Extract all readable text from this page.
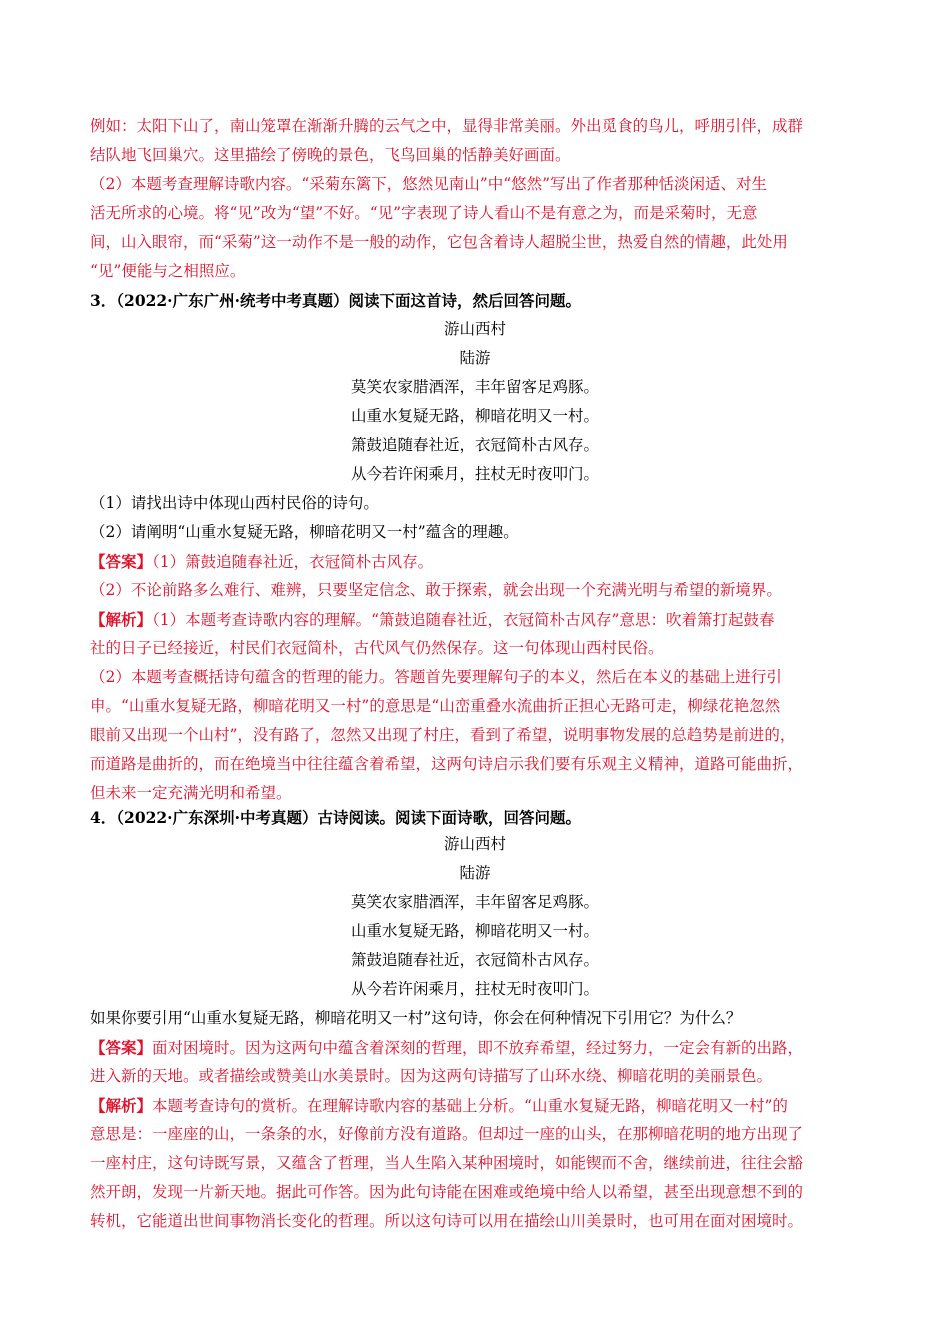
例如：太阳下山了，南山笼罩在渐渐升腾的云气之中，显得非常美丽。外出觅食的鸟儿，呼朋引伴，成群
结队地飞回巢穴。这里描绘了傍晚的景色，飞鸟回巢的恬静美好画面。
（2）本题考查理解诗歌内容。“采菊东篱下，悠然见南山”中“悠然”写出了作者那种恬淡闲适、对生
活无所求的心境。将“见”改为“望”不好。“见”字表现了诗人看山不是有意之为，而是采菊时，无意
间，山入眼帘，而“采菊”这一动作不是一般的动作，它包含着诗人超脱尘世，热爱自然的情趣，此处用
“见”便能与之相照应。
3．（2022·广东广州·统考中考真题）阅读下面这首诗，然后回答问题。
游山西村
陆游
莫笑农家腊酒浑，丰年留客足鸡豚。
山重水复疑无路，柳暗花明又一村。
箫鼓追随春社近，衣冠简朴古风存。
从今若许闲乘月，拄杖无时夜叩门。
（1）请找出诗中体现山西村民俗的诗句。
（2）请阐明“山重水复疑无路，柳暗花明又一村”蕴含的理趣。
【答案】（1）箫鼓追随春社近，衣冠简朴古风存。
（2）不论前路多么难行、难辨，只要坚定信念、敢于探索，就会出现一个充满光明与希望的新境界。
【解析】（1）本题考查诗歌内容的理解。“箫鼓追随春社近，衣冠简朴古风存”意思：吹着箫打起鼓春
社的日子已经接近，村民们衣冠简朴，古代风气仍然保存。这一句体现山西村民俗。
（2）本题考查概括诗句蕴含的哲理的能力。答题首先要理解句子的本义，然后在本义的基础上进行引
申。“山重水复疑无路，柳暗花明又一村”的意思是“山峦重叠水流曲折正担心无路可走，柳绿花艳忽然
眼前又出现一个山村”，没有路了，忽然又出现了村庄，看到了希望，说明事物发展的总趋势是前进的，
而道路是曲折的，而在绝境当中往往蕴含着希望，这两句诗启示我们要有乐观主义精神，道路可能曲折，
但未来一定充满光明和希望。
4．（2022·广东深圳·中考真题）古诗阅读。阅读下面诗歌，回答问题。
游山西村
陆游
莫笑农家腊酒浑，丰年留客足鸡豚。
山重水复疑无路，柳暗花明又一村。
箫鼓追随春社近，衣冠简朴古风存。
从今若许闲乘月，拄杖无时夜叩门。
如果你要引用“山重水复疑无路，柳暗花明又一村”这句诗，你会在何种情况下引用它？为什么？
【答案】面对困境时。因为这两句中蕴含着深刻的哲理，即不放弃希望，经过努力，一定会有新的出路，
进入新的天地。或者描绘或赞美山水美景时。因为这两句诗描写了山环水绕、柳暗花明的美丽景色。
【解析】本题考查诗句的赏析。在理解诗歌内容的基础上分析。“山重水复疑无路，柳暗花明又一村”的
意思是：一座座的山，一条条的水，好像前方没有道路。但却过一座的山头，在那柳暗花明的地方出现了
一座村庄，这句诗既写景，又蕴含了哲理，当人生陷入某种困境时，如能锲而不舍，继续前进，往往会豁
然开朗，发现一片新天地。据此可作答。因为此句诗能在困难或绝境中给人以希望，甚至出现意想不到的
转机，它能道出世间事物消长变化的哲理。所以这句诗可以用在描绘山川美景时，也可用在面对困境时。
